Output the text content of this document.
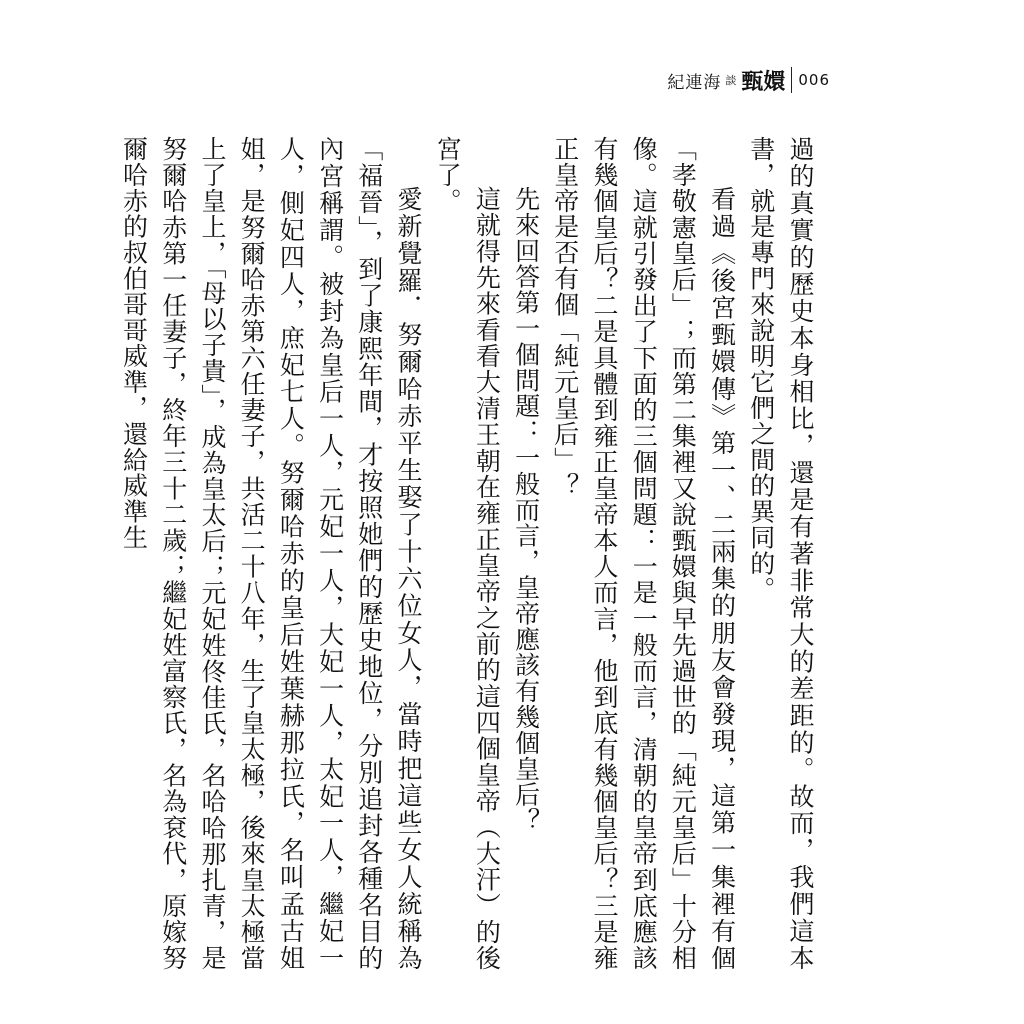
紀連海 談 甄嬛 006

過的真實的歷史本身相比，還是有著非常大的差距的。故而，我們這本書，就是專門來說明它們之間的異同的。

看過《後宮甄嬛傳》第一、二兩集的朋友會發現，這第一集裡有個「孝敬憲皇后」；而第二集裡又說甄嬛與早先過世的「純元皇后」十分相像。這就引發出了下面的三個問題：一是一般而言，清朝的皇帝到底應該有幾個皇后？二是具體到雍正皇帝本人而言，他到底有幾個皇后？三是雍正皇帝是否有個「純元皇后」？

先來回答第一個問題：一般而言，皇帝應該有幾個皇后？

這就得先來看看大清王朝在雍正皇帝之前的這四個皇帝（大汗）的後宮了。

愛新覺羅．努爾哈赤平生娶了十六位女人，當時把這些女人統稱為「福晉」，到了康熙年間，才按照她們的歷史地位，分別追封各種名目的內宮稱謂。被封為皇后一人，元妃一人，大妃一人，太妃一人，繼妃一人，側妃四人，庶妃七人。努爾哈赤的皇后姓葉赫那拉氏，名叫孟古姐姐，是努爾哈赤第六任妻子，共活二十八年，生了皇太極，後來皇太極當上了皇上，「母以子貴」，成為皇太后；元妃姓佟佳氏，名哈哈那扎青，是努爾哈赤第一任妻子，終年三十二歲；繼妃姓富察氏，名為袞代，原嫁努爾哈赤的叔伯哥哥威準，還給威準生
